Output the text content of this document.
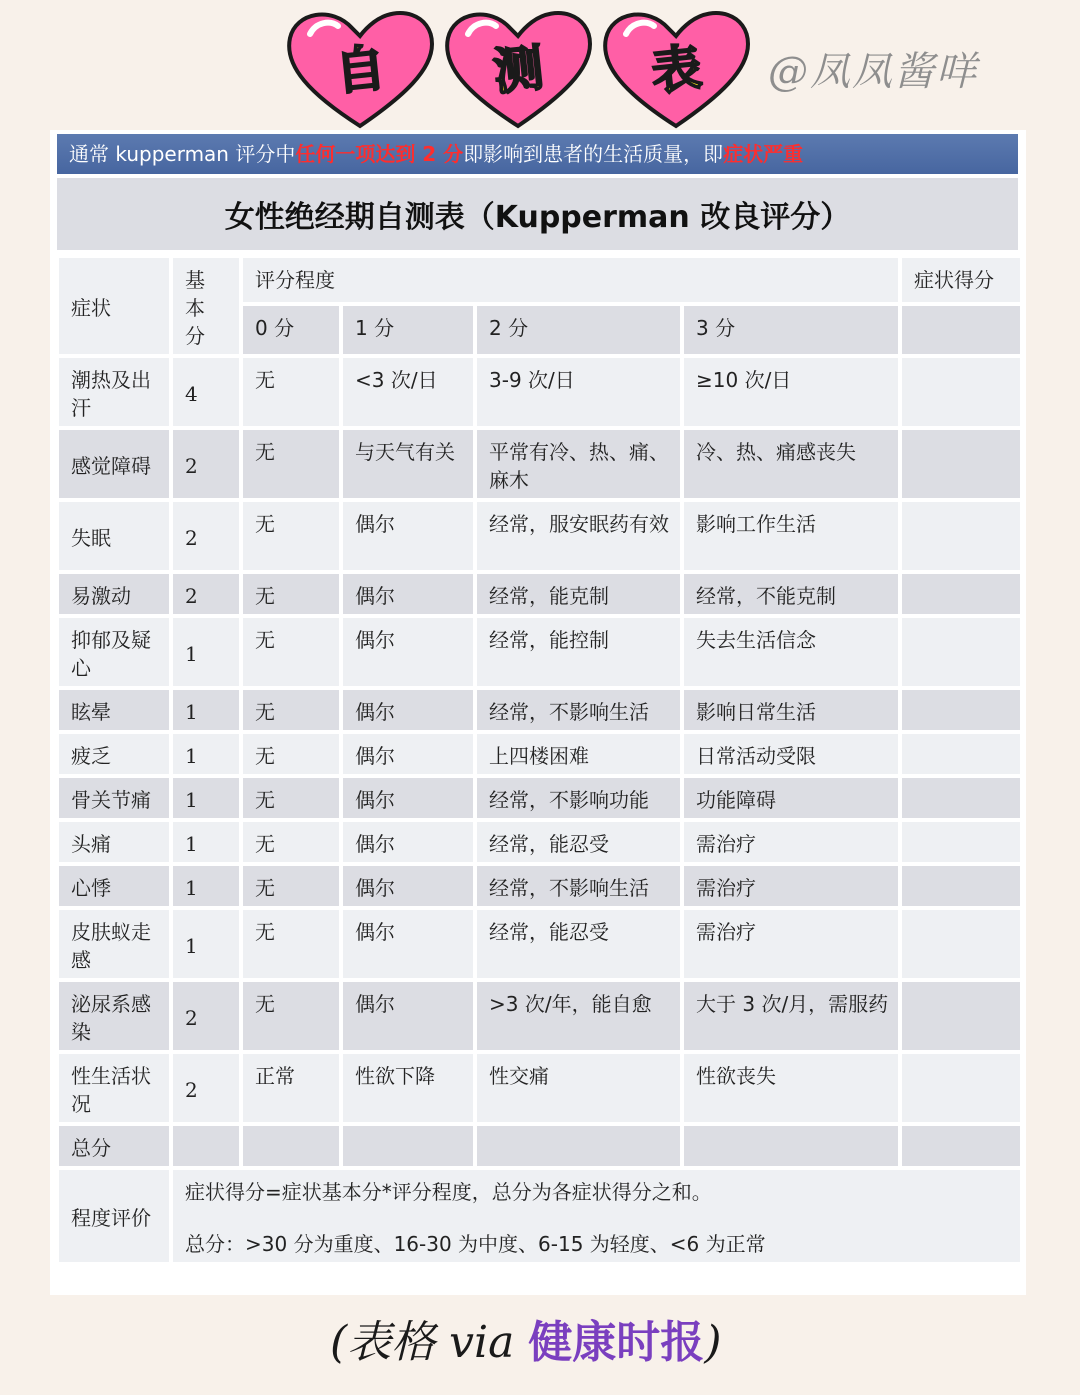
自	测	表	@凤凤酱咩
通常 kupperman 评分中任何一项达到 2 分即影响到患者的生活质量，即症状严重
女性绝经期自测表（Kupperman 改良评分）
症状	基本分	评分程度				症状得分
		0 分	1 分	2 分	3 分	
潮热及出汗	4	无	<3 次/日	3-9 次/日	≥10 次/日	
感觉障碍	2	无	与天气有关	平常有冷、热、痛、麻木	冷、热、痛感丧失	
失眠	2	无	偶尔	经常，服安眠药有效	影响工作生活	
易激动	2	无	偶尔	经常，能克制	经常，不能克制	
抑郁及疑心	1	无	偶尔	经常，能控制	失去生活信念	
眩晕	1	无	偶尔	经常，不影响生活	影响日常生活	
疲乏	1	无	偶尔	上四楼困难	日常活动受限	
骨关节痛	1	无	偶尔	经常，不影响功能	功能障碍	
头痛	1	无	偶尔	经常，能忍受	需治疗	
心悸	1	无	偶尔	经常，不影响生活	需治疗	
皮肤蚁走感	1	无	偶尔	经常，能忍受	需治疗	
泌尿系感染	2	无	偶尔	>3 次/年，能自愈	大于 3 次/月，需服药	
性生活状况	2	正常	性欲下降	性交痛	性欲丧失	
总分						
程度评价	症状得分=症状基本分*评分程度，总分为各症状得分之和。
总分：>30 分为重度、16-30 为中度、6-15 为轻度、<6 为正常					
(表格 via 健康时报)
